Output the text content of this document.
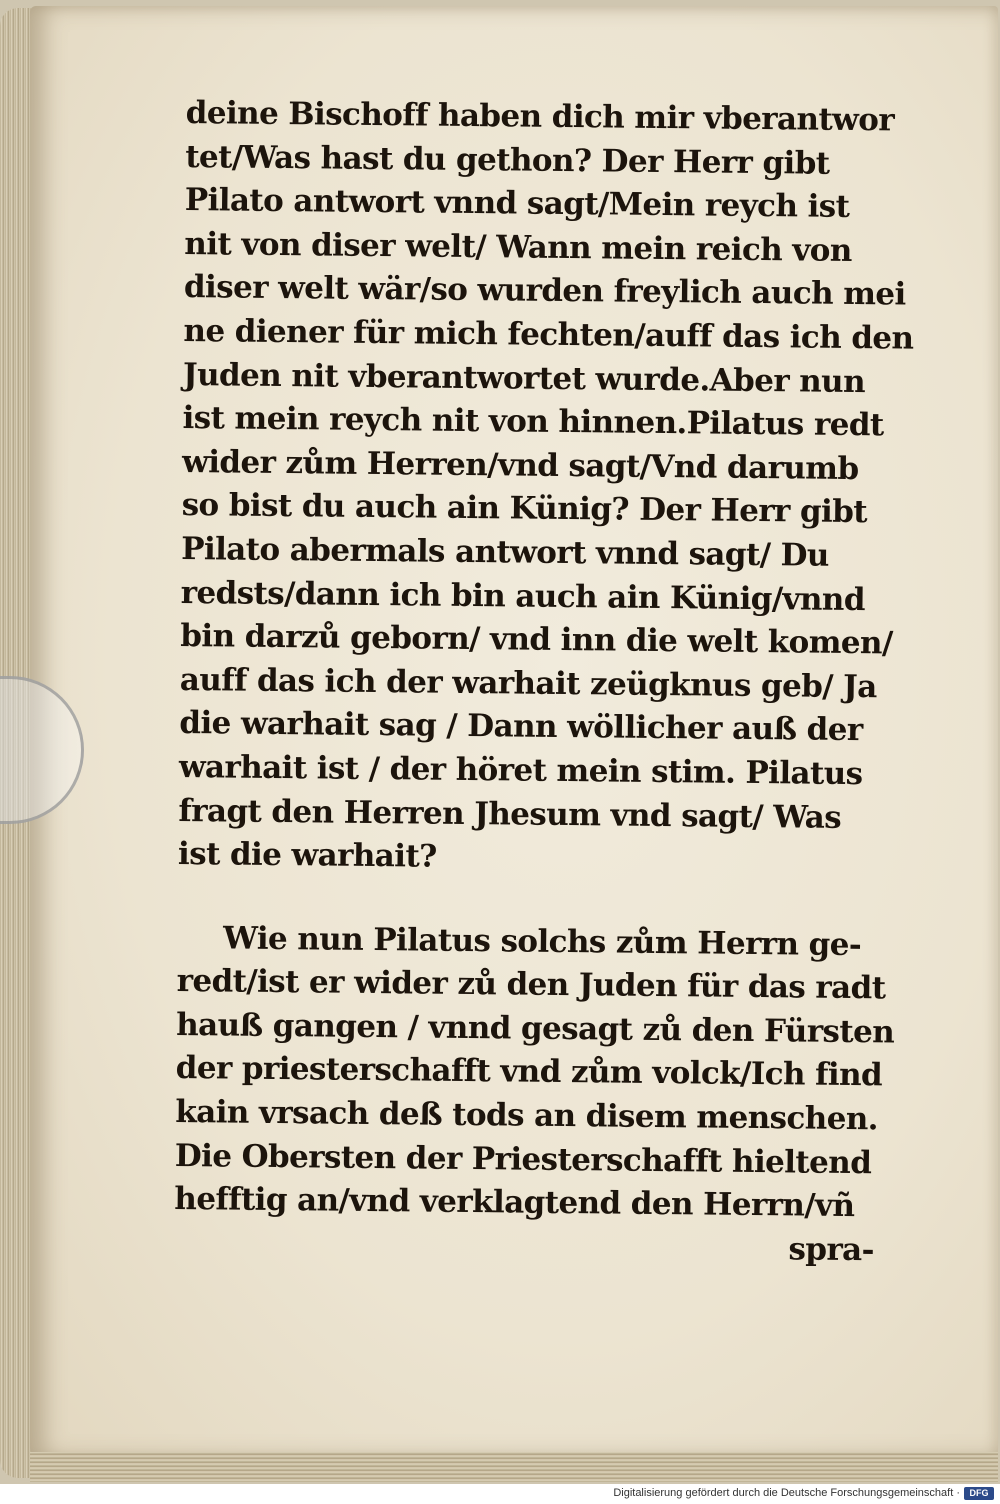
deine Bischoff haben dich mir vberantwor
tet/Was hast du gethon? Der Herr gibt
Pilato antwort vnnd sagt/Mein reych ist
nit von diser welt/ Wann mein reich von
diser welt wär/so wurden freylich auch mei
ne diener für mich fechten/auff das ich den
Juden nit vberantwortet wurde.Aber nun
ist mein reych nit von hinnen.Pilatus redt
wider zům Herren/vnd sagt/Vnd darumb
so bist du auch ain Künig? Der Herr gibt
Pilato abermals antwort vnnd sagt/ Du
redsts/dann ich bin auch ain Künig/vnnd
bin darzů geborn/ vnd inn die welt komen/
auff das ich der warhait zeügknus geb/ Ja
die warhait sag / Dann wöllicher auß der
warhait ist / der höret mein stim. Pilatus
fragt den Herren Jhesum vnd sagt/ Was
ist die warhait?
Wie nun Pilatus solchs zům Herrn ge-
redt/ist er wider zů den Juden für das radt
hauß gangen / vnnd gesagt zů den Fürsten
der priesterschafft vnd zům volck/Ich find
kain vrsach deß tods an disem menschen.
Die Obersten der Priesterschafft hieltend
hefftig an/vnd verklagtend den Herrn/vñ
spra-
Digitalisierung gefördert durch die Deutsche Forschungsgemeinschaft ·	DFG
